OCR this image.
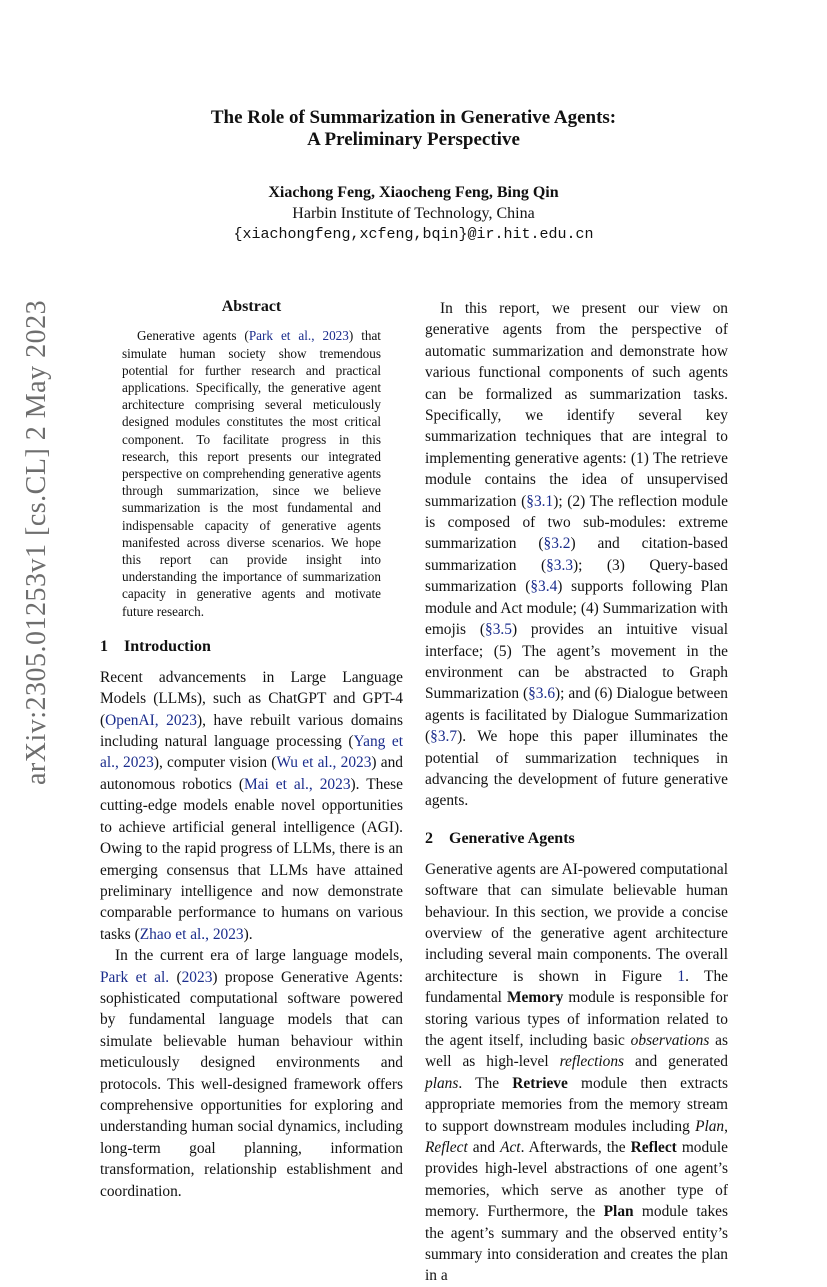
arXiv:2305.01253v1 [cs.CL] 2 May 2023
The Role of Summarization in Generative Agents:
A Preliminary Perspective
Xiachong Feng, Xiaocheng Feng, Bing Qin
Harbin Institute of Technology, China
{xiachongfeng,xcfeng,bqin}@ir.hit.edu.cn
Abstract

Generative agents (Park et al., 2023) that simulate human society show tremendous potential for further research and practical applications. Specifically, the generative agent architecture comprising several meticulously designed modules constitutes the most critical component. To facilitate progress in this research, this report presents our integrated perspective on comprehending generative agents through summarization, since we believe summarization is the most fundamental and indispensable capacity of generative agents manifested across diverse scenarios. We hope this report can provide insight into understanding the importance of summarization capacity in generative agents and motivate future research.

1 Introduction

Recent advancements in Large Language Models (LLMs), such as ChatGPT and GPT-4 (OpenAI, 2023), have rebuilt various domains including natural language processing (Yang et al., 2023), computer vision (Wu et al., 2023) and autonomous robotics (Mai et al., 2023). These cutting-edge models enable novel opportunities to achieve artificial general intelligence (AGI). Owing to the rapid progress of LLMs, there is an emerging consensus that LLMs have attained preliminary intelligence and now demonstrate comparable performance to humans on various tasks (Zhao et al., 2023).

In the current era of large language models, Park et al. (2023) propose Generative Agents: sophisticated computational software powered by fundamental language models that can simulate believable human behaviour within meticulously designed environments and protocols. This well-designed framework offers comprehensive opportunities for exploring and understanding human social dynamics, including long-term goal planning, information transformation, relationship establishment and coordination.

In this report, we present our view on generative agents from the perspective of automatic summarization and demonstrate how various functional components of such agents can be formalized as summarization tasks. Specifically, we identify several key summarization techniques that are integral to implementing generative agents: (1) The retrieve module contains the idea of unsupervised summarization (§3.1); (2) The reflection module is composed of two sub-modules: extreme summarization (§3.2) and citation-based summarization (§3.3); (3) Query-based summarization (§3.4) supports following Plan module and Act module; (4) Summarization with emojis (§3.5) provides an intuitive visual interface; (5) The agent’s movement in the environment can be abstracted to Graph Summarization (§3.6); and (6) Dialogue between agents is facilitated by Dialogue Summarization (§3.7). We hope this paper illuminates the potential of summarization techniques in advancing the development of future generative agents.

2 Generative Agents

Generative agents are AI-powered computational software that can simulate believable human behaviour. In this section, we provide a concise overview of the generative agent architecture including several main components. The overall architecture is shown in Figure 1. The fundamental Memory module is responsible for storing various types of information related to the agent itself, including basic observations as well as high-level reflections and generated plans. The Retrieve module then extracts appropriate memories from the memory stream to support downstream modules including Plan, Reflect and Act. Afterwards, the Reflect module provides high-level abstractions of one agent’s memories, which serve as another type of memory. Furthermore, the Plan module takes the agent’s summary and the observed entity’s summary into consideration and creates the plan in a
